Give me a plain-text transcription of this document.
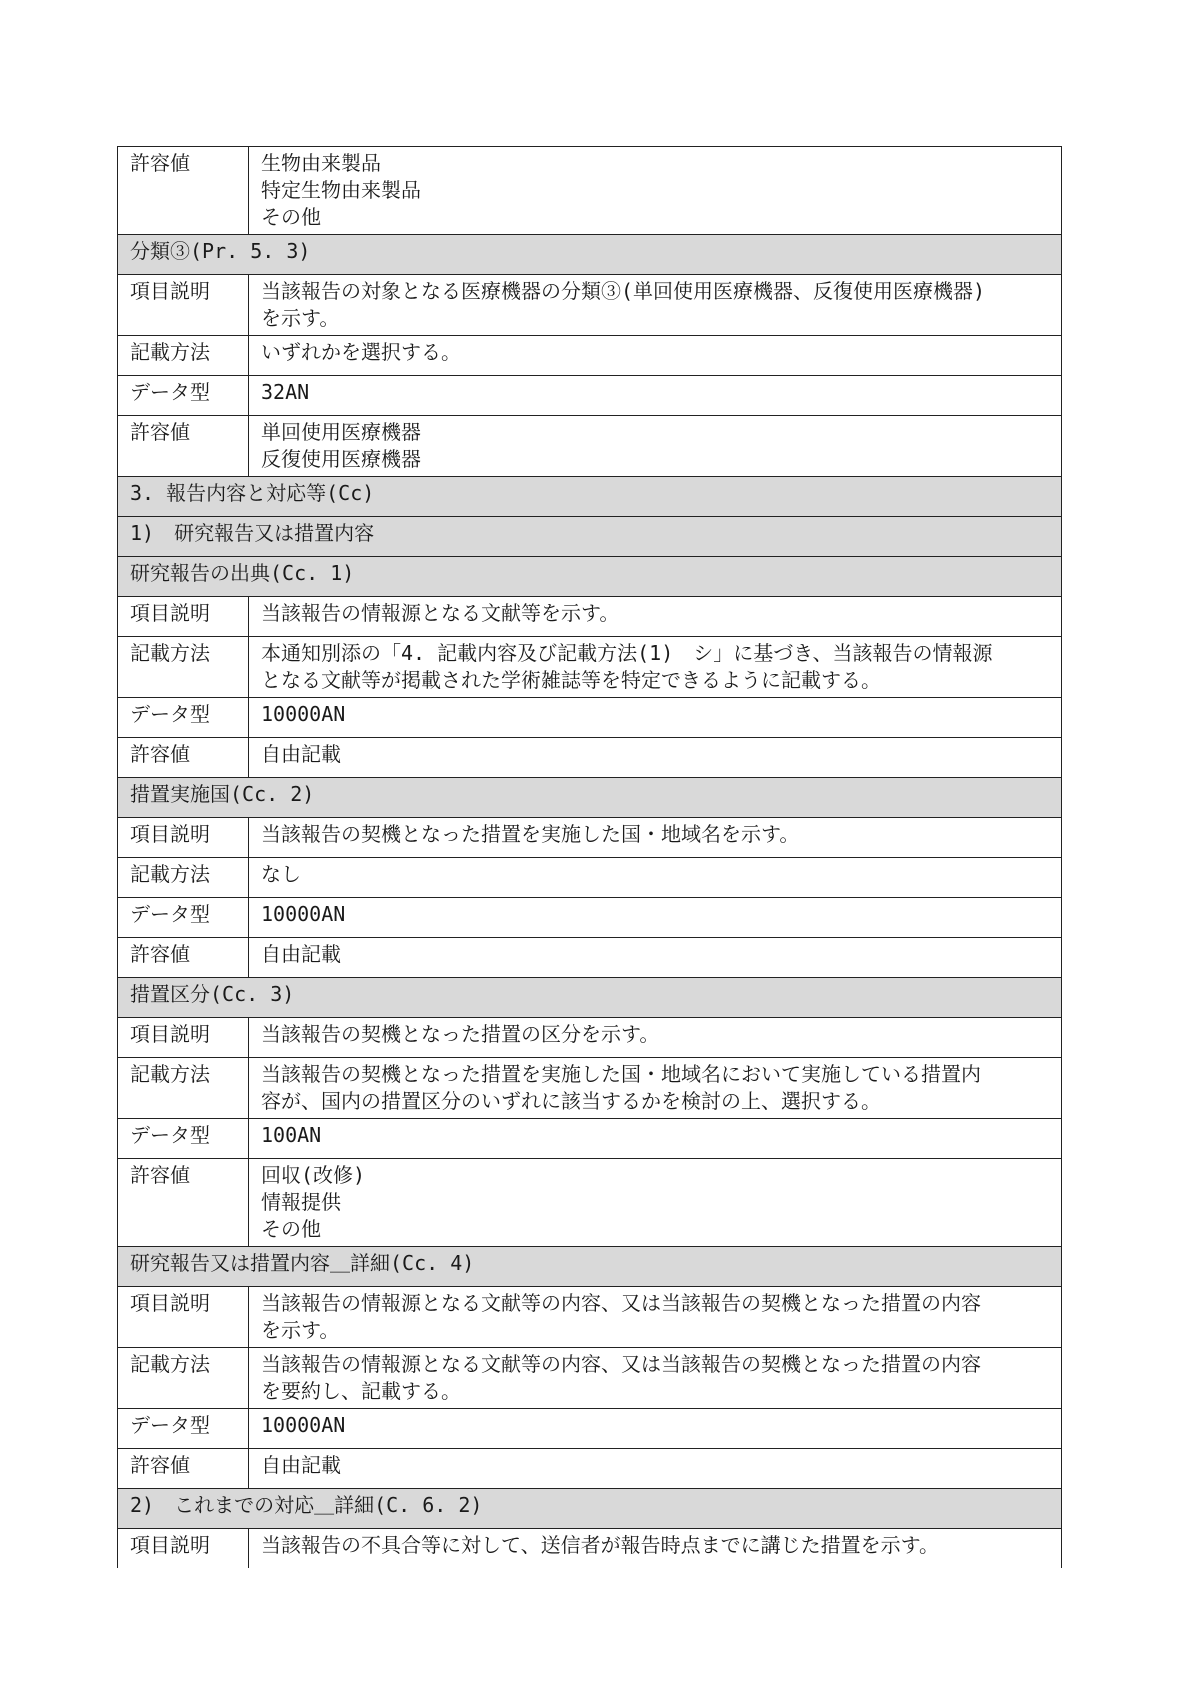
許容値	生物由来製品
特定生物由来製品
その他
分類③(Pr. 5. 3)	
項目説明	当該報告の対象となる医療機器の分類③(単回使用医療機器、反復使用医療機器)
を示す。
記載方法	いずれかを選択する。
データ型	32AN
許容値	単回使用医療機器
反復使用医療機器
3. 報告内容と対応等(Cc)	
1)　研究報告又は措置内容	
研究報告の出典(Cc. 1)	
項目説明	当該報告の情報源となる文献等を示す。
記載方法	本通知別添の「4. 記載内容及び記載方法(1)　シ」に基づき、当該報告の情報源
となる文献等が掲載された学術雑誌等を特定できるように記載する。
データ型	10000AN
許容値	自由記載
措置実施国(Cc. 2)	
項目説明	当該報告の契機となった措置を実施した国・地域名を示す。
記載方法	なし
データ型	10000AN
許容値	自由記載
措置区分(Cc. 3)	
項目説明	当該報告の契機となった措置の区分を示す。
記載方法	当該報告の契機となった措置を実施した国・地域名において実施している措置内
容が、国内の措置区分のいずれに該当するかを検討の上、選択する。
データ型	100AN
許容値	回収(改修)
情報提供
その他
研究報告又は措置内容＿詳細(Cc. 4)	
項目説明	当該報告の情報源となる文献等の内容、又は当該報告の契機となった措置の内容
を示す。
記載方法	当該報告の情報源となる文献等の内容、又は当該報告の契機となった措置の内容
を要約し、記載する。
データ型	10000AN
許容値	自由記載
2)　これまでの対応＿詳細(C. 6. 2)	
項目説明	当該報告の不具合等に対して、送信者が報告時点までに講じた措置を示す。
